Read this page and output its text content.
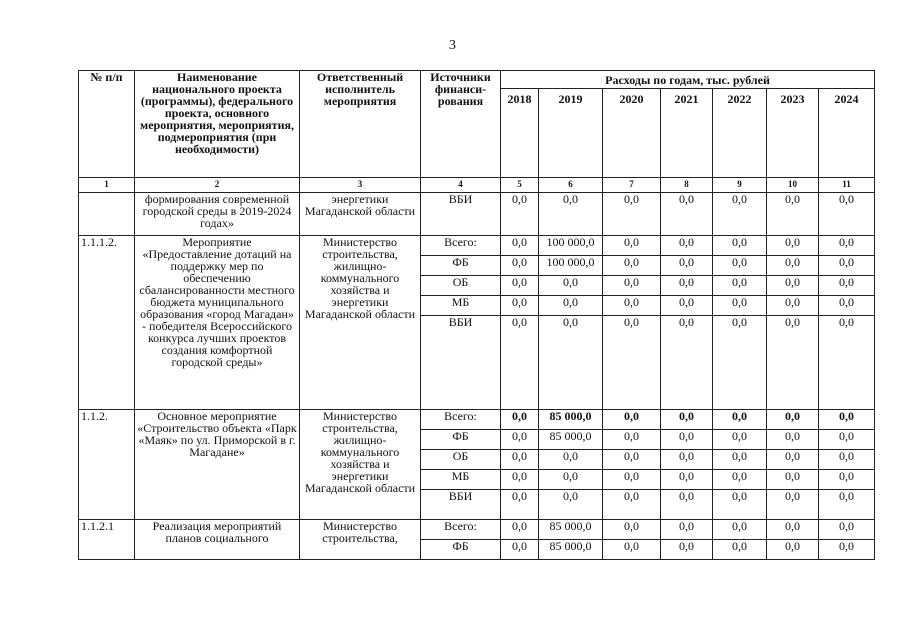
3
№ п/п	Наименование национального проекта (программы), федерального проекта, основного мероприятия, мероприятия, подмероприятия (при необходимости)	Ответственный исполнитель мероприятия	Источники финанси-рования	Расходы по годам, тыс. рублей						
				2018	2019	2020	2021	2022	2023	2024
1	2	3	4	5	6	7	8	9	10	11
	формирования современной городской среды в 2019-2024 годах»	энергетики Магаданской области	ВБИ	0,0	0,0	0,0	0,0	0,0	0,0	0,0
1.1.1.2.	Мероприятие «Предоставление дотаций на поддержку мер по обеспечению сбалансированности местного бюджета муниципального образования «город Магадан» - победителя Всероссийского конкурса лучших проектов создания комфортной городской среды»	Министерство строительства, жилищно-коммунального хозяйства и энергетики Магаданской области	Всего:	0,0	100 000,0	0,0	0,0	0,0	0,0	0,0
			ФБ	0,0	100 000,0	0,0	0,0	0,0	0,0	0,0
			ОБ	0,0	0,0	0,0	0,0	0,0	0,0	0,0
			МБ	0,0	0,0	0,0	0,0	0,0	0,0	0,0
			ВБИ	0,0	0,0	0,0	0,0	0,0	0,0	0,0
1.1.2.	Основное мероприятие «Строительство объекта «Парк «Маяк» по ул. Приморской в г. Магадане»	Министерство строительства, жилищно-коммунального хозяйства и энергетики Магаданской области	Всего:	0,0	85 000,0	0,0	0,0	0,0	0,0	0,0
			ФБ	0,0	85 000,0	0,0	0,0	0,0	0,0	0,0
			ОБ	0,0	0,0	0,0	0,0	0,0	0,0	0,0
			МБ	0,0	0,0	0,0	0,0	0,0	0,0	0,0
			ВБИ	0,0	0,0	0,0	0,0	0,0	0,0	0,0
1.1.2.1	Реализация мероприятий планов социального	Министерство строительства,	Всего:	0,0	85 000,0	0,0	0,0	0,0	0,0	0,0
			ФБ	0,0	85 000,0	0,0	0,0	0,0	0,0	0,0
